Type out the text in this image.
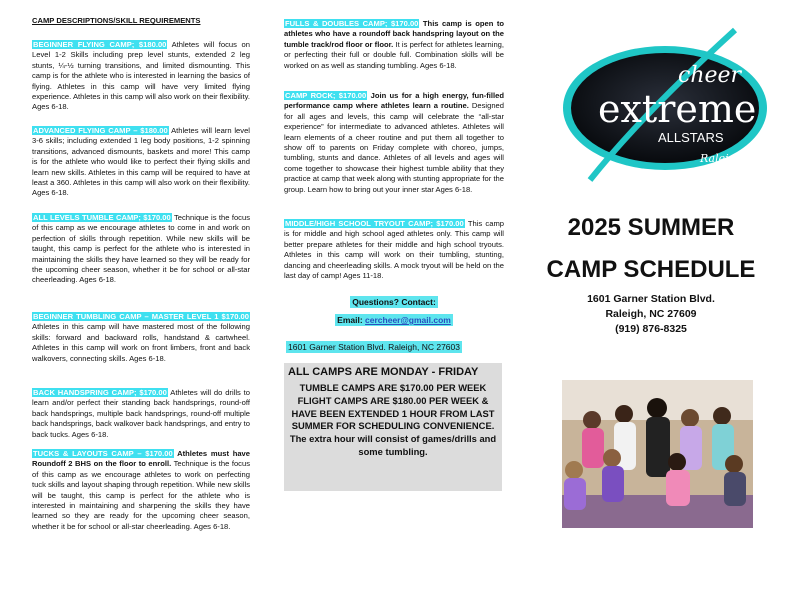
CAMP DESCRIPTIONS/SKILL REQUIREMENTS

BEGINNER FLYING CAMP; $180.00 Athletes will focus on Level 1-2 Skills including prep level stunts, extended 2 leg stunts, ¼-½ turning transitions, and limited dismounting. This camp is for the athlete who is interested in learning the basics of flying. Athletes in this camp will have very limited flying experience. Athletes in this camp will also work on their flexibility. Ages 6-18.

ADVANCED FLYING CAMP – $180.00 Athletes will learn level 3-6 skills; including extended 1 leg body positions, 1-2 spinning transitions, advanced dismounts, baskets and more! This camp is for the athlete who would like to perfect their flying skills and learn new skills. Athletes in this camp will be required to have at least a 360. Athletes in this camp will also work on their flexibility. Ages 6-18.

ALL LEVELS TUMBLE CAMP; $170.00 Technique is the focus of this camp as we encourage athletes to come in and work on perfection of skills through repetition. While new skills will be taught, this camp is perfect for the athlete who is interested in maintaining the skills they have learned so they will be ready for the upcoming cheer season, whether it be for school or all-star cheerleading. Ages 6-18.

BEGINNER TUMBLING CAMP – MASTER LEVEL 1 $170.00 Athletes in this camp will have mastered most of the following skills: forward and backward rolls, handstand & cartwheel. Athletes in this camp will work on front limbers, front and back walkovers, connecting skills. Ages 6-18.

BACK HANDSPRING CAMP; $170.00 Athletes will do drills to learn and/or perfect their standing back handsprings, round-off back handsprings, multiple back handsprings, round-off multiple back handsprings, back walkover back handsprings, and entry to back tucks. Ages 6-18.

TUCKS & LAYOUTS CAMP – $170.00 Athletes must have Roundoff 2 BHS on the floor to enroll. Technique is the focus of this camp as we encourage athletes to work on perfecting tuck skills and layout shaping through repetition. While new skills will be taught, this camp is perfect for the athlete who is interested in maintaining and sharpening the skills they have learned so they are ready for the upcoming cheer season, whether it be for school or all-star cheerleading. Ages 6-18.

FULLS & DOUBLES CAMP; $170.00 This camp is open to athletes who have a roundoff back handspring layout on the tumble track/rod floor or floor. It is perfect for athletes learning, or perfecting their full or double full. Combination skills will be worked on as well as standing tumbling. Ages 6-18.

CAMP ROCK; $170.00 Join us for a high energy, fun-filled performance camp where athletes learn a routine. Designed for all ages and levels, this camp will celebrate the “all-star experience” for intermediate to advanced athletes. Athletes will learn elements of a cheer routine and put them all together to show off to parents on Friday complete with choreo, jumps, tumbling, stunts and dance. Athletes of all levels and ages will come together to showcase their highest tumble ability that they practice at camp that week along with stunting appropriate for the group. Learn how to bring out your inner star Ages 6-18.

MIDDLE/HIGH SCHOOL TRYOUT CAMP; $170.00 This camp is for middle and high school aged athletes only. This camp will better prepare athletes for their middle and high school tryouts. Athletes in this camp will work on their tumbling, stunting, dancing and cheerleading skills. A mock tryout will be held on the last day of camp! Ages 11-18.

Questions? Contact:
Email: cercheer@gmail.com
1601 Garner Station Blvd. Raleigh, NC 27603
ALL CAMPS ARE MONDAY - FRIDAY
TUMBLE CAMPS ARE $170.00 PER WEEK FLIGHT CAMPS ARE $180.00 PER WEEK & HAVE BEEN EXTENDED 1 HOUR FROM LAST SUMMER FOR SCHEDULING CONVENIENCE. The extra hour will consist of games/drills and some tumbling.
cheer
extreme
ALLSTARS
Raleigh
2025 SUMMER
CAMP SCHEDULE
1601 Garner Station Blvd.
Raleigh, NC 27609
(919) 876-8325
